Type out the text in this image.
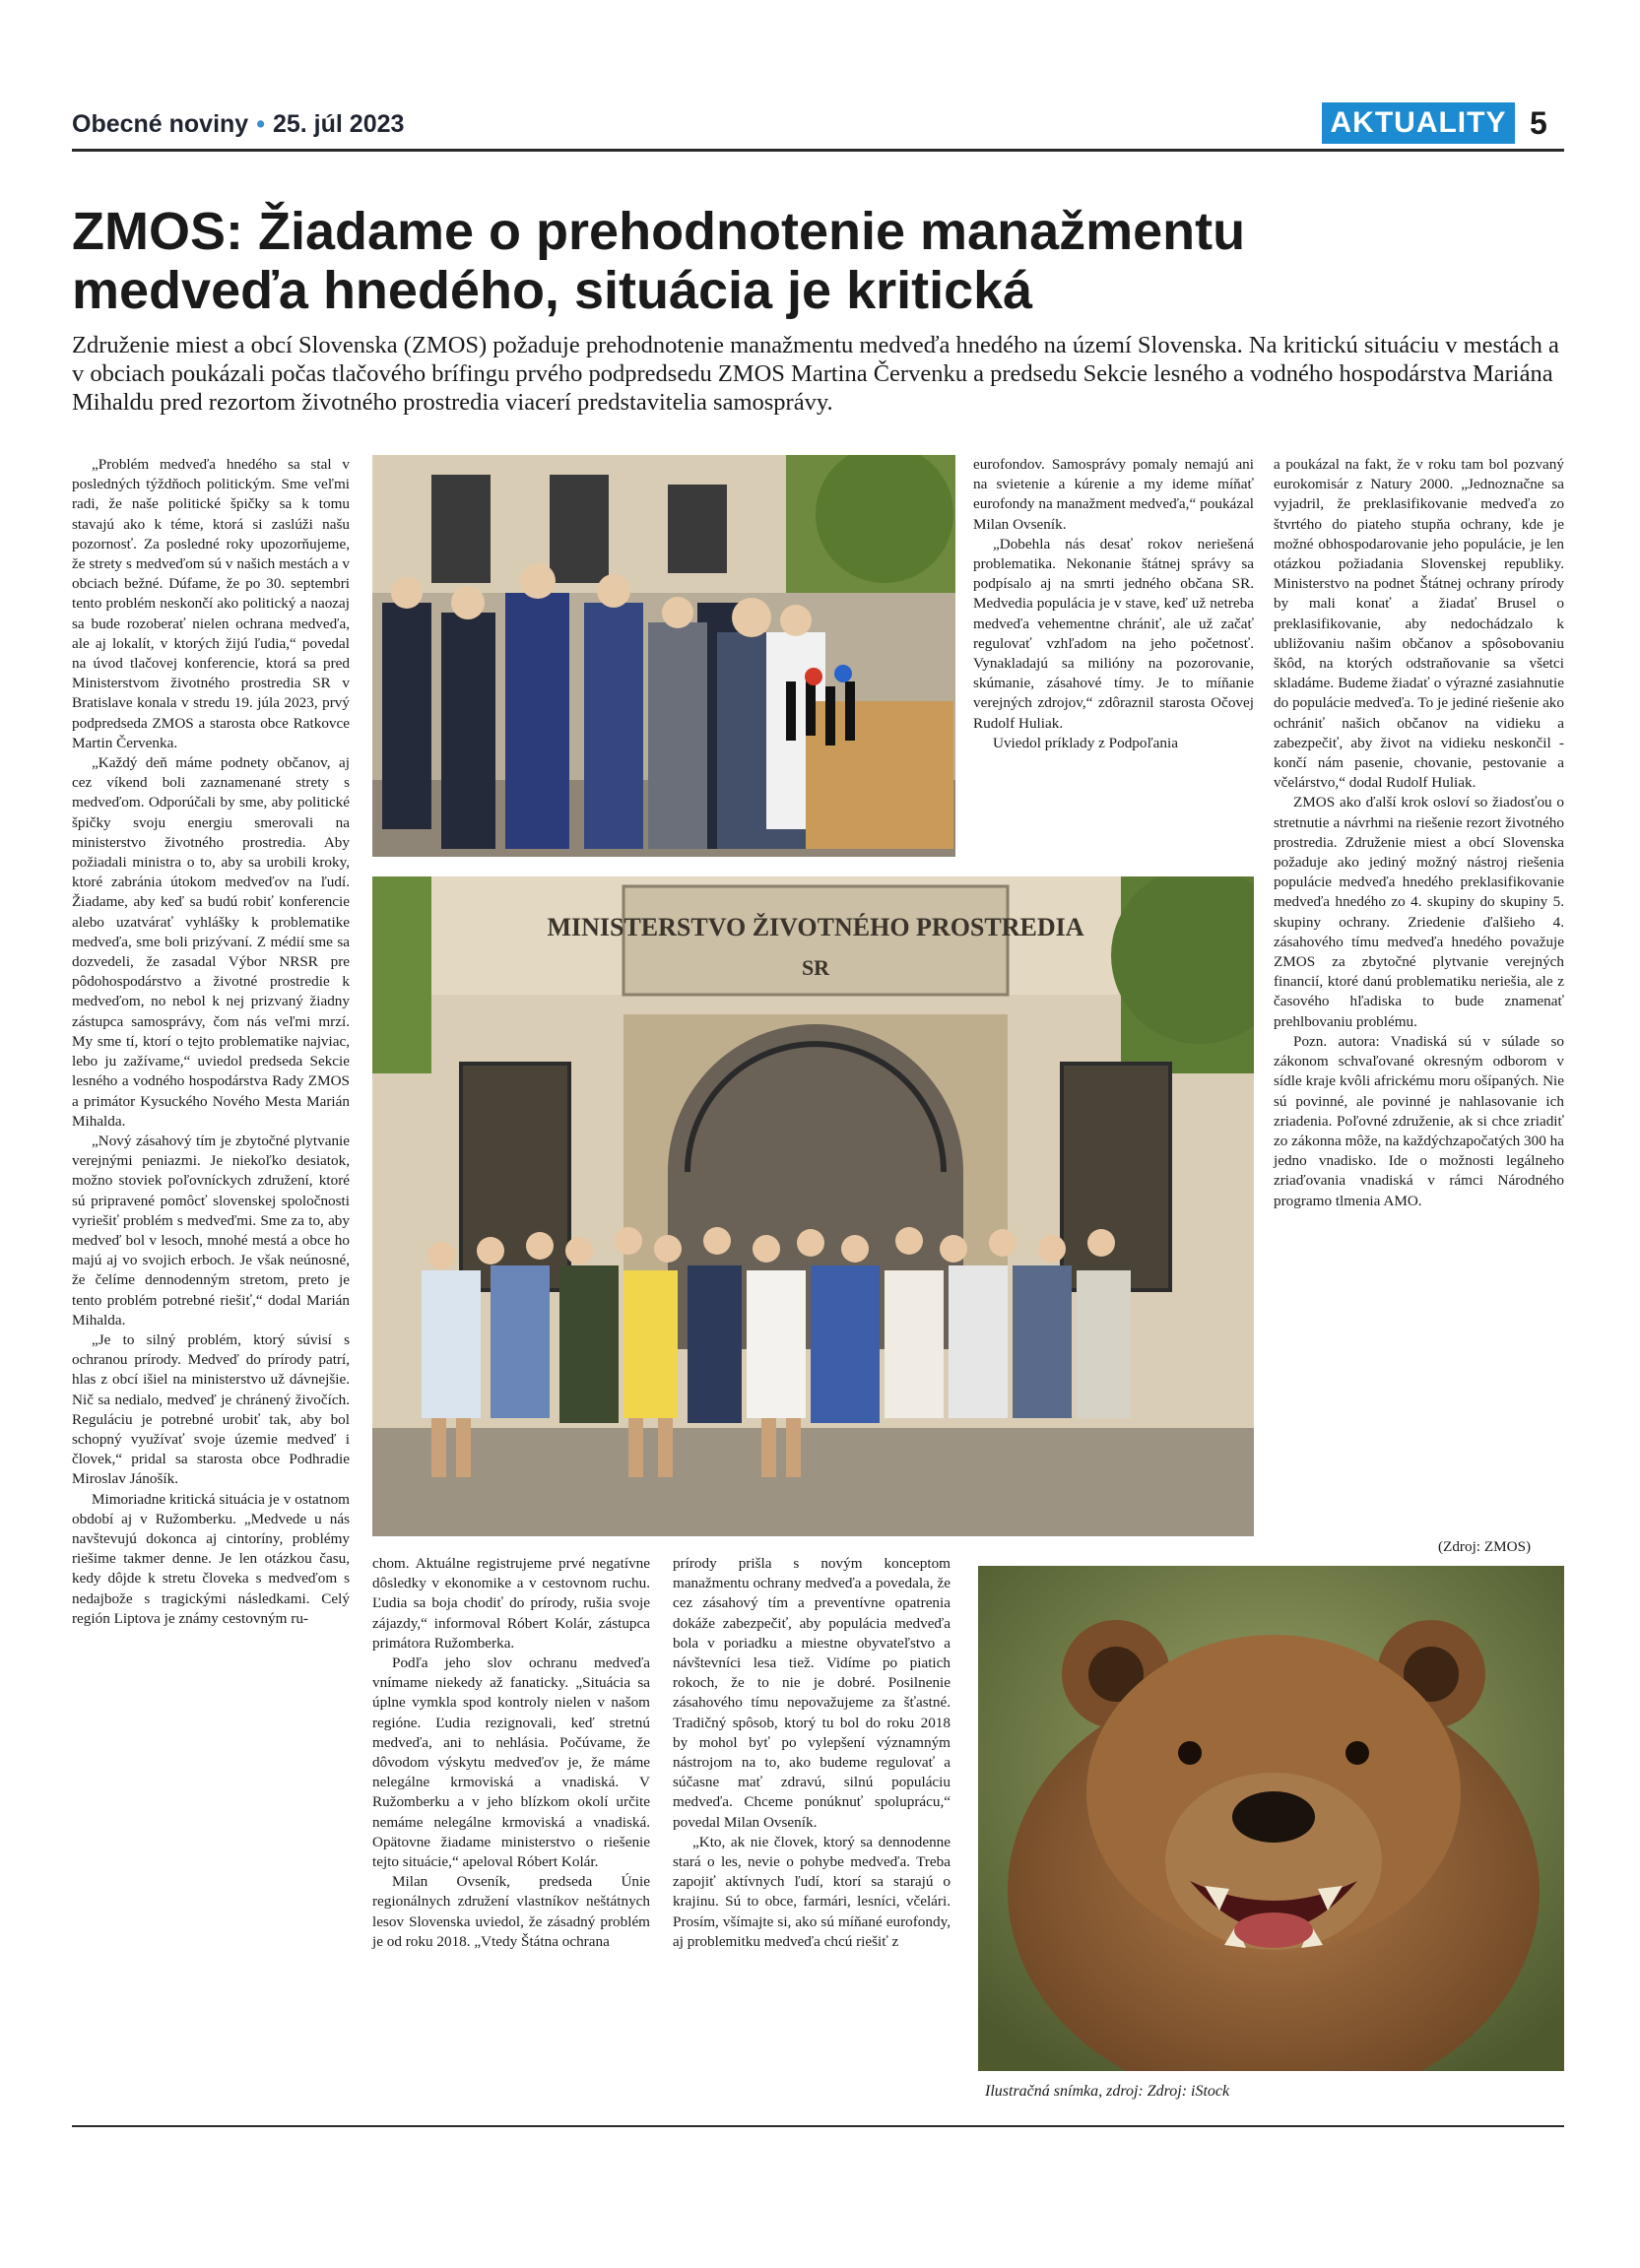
Obecné noviny • 25. júl 2023	AKTUALITY 5
ZMOS: Žiadame o prehodnotenie manažmentu
medveďa hnedého, situácia je kritická
Združenie miest a obcí Slovenska (ZMOS) požaduje prehodnotenie manažmentu medveďa hnedého na území Slovenska. Na kritickú situáciu v mestách a v obciach poukázali počas tlačového brífingu prvého podpredsedu ZMOS Martina Červenku a predsedu Sekcie lesného a vodného hospodárstva Mariána Mihaldu pred rezortom životného prostredia viacerí predstavitelia samosprávy.

„Problém medveďa hnedého sa stal v posledných týždňoch politickým. Sme veľmi radi, že naše politické špičky sa k tomu stavajú ako k téme, ktorá si zaslúži našu pozornosť. Za posledné roky upozorňujeme, že strety s medveďom sú v našich mestách a v obciach bežné. Dúfame, že po 30. septembri tento problém neskončí ako politický a naozaj sa bude rozoberať nielen ochrana medveďa, ale aj lokalít, v ktorých žijú ľudia,“ povedal na úvod tlačovej konferencie, ktorá sa pred Ministerstvom životného prostredia SR v Bratislave konala v stredu 19. júla 2023, prvý podpredseda ZMOS a starosta obce Ratkovce Martin Červenka.

„Každý deň máme podnety občanov, aj cez víkend boli zaznamenané strety s medveďom. Odporúčali by sme, aby politické špičky svoju energiu smerovali na ministerstvo životného prostredia. Aby požiadali ministra o to, aby sa urobili kroky, ktoré zabránia útokom medveďov na ľudí. Žiadame, aby keď sa budú robiť konferencie alebo uzatvárať vyhlášky k problematike medveďa, sme boli prizývaní. Z médií sme sa dozvedeli, že zasadal Výbor NRSR pre pôdohospodárstvo a životné prostredie k medveďom, no nebol k nej prizvaný žiadny zástupca samosprávy, čom nás veľmi mrzí. My sme tí, ktorí o tejto problematike najviac, lebo ju zažívame,“ uviedol predseda Sekcie lesného a vodného hospodárstva Rady ZMOS a primátor Kysuckého Nového Mesta Marián Mihalda.

„Nový zásahový tím je zbytočné plytvanie verejnými peniazmi. Je niekoľko desiatok, možno stoviek poľovníckych združení, ktoré sú pripravené pomôcť slovenskej spoločnosti vyriešiť problém s medveďmi. Sme za to, aby medveď bol v lesoch, mnohé mestá a obce ho majú aj vo svojich erboch. Je však neúnosné, že čelíme dennodenným stretom, preto je tento problém potrebné riešiť,“ dodal Marián Mihalda.

„Je to silný problém, ktorý súvisí s ochranou prírody. Medveď do prírody patrí, hlas z obcí išiel na ministerstvo už dávnejšie. Nič sa nedialo, medveď je chránený živočích. Reguláciu je potrebné urobiť tak, aby bol schopný využívať svoje územie medveď i človek,“ pridal sa starosta obce Podhradie Miroslav Jánošík.

Mimoriadne kritická situácia je v ostatnom období aj v Ružomberku. „Medvede u nás navštevujú dokonca aj cintoríny, problémy riešime takmer denne. Je len otázkou času, kedy dôjde k stretu človeka s medveďom s nedajbože s tragickými následkami. Celý región Liptova je známy cestovným ru-

MINISTERSTVO ŽIVOTNÉHO PROSTREDIA
SR

chom. Aktuálne registrujeme prvé negatívne dôsledky v ekonomike a v cestovnom ruchu. Ľudia sa boja chodiť do prírody, rušia svoje zájazdy,“ informoval Róbert Kolár, zástupca primátora Ružomberka.

Podľa jeho slov ochranu medveďa vnímame niekedy až fanaticky. „Situácia sa úplne vymkla spod kontroly nielen v našom regióne. Ľudia rezignovali, keď stretnú medveďa, ani to nehlásia. Počúvame, že dôvodom výskytu medveďov je, že máme nelegálne krmoviská a vnadiská. V Ružomberku a v jeho blízkom okolí určite nemáme nelegálne krmoviská a vnadiská. Opätovne žiadame ministerstvo o riešenie tejto situácie,“ apeloval Róbert Kolár.

Milan Ovseník, predseda Únie regionálnych združení vlastníkov neštátnych lesov Slovenska uviedol, že zásadný problém je od roku 2018. „Vtedy Štátna ochrana

eurofondov. Samosprávy pomaly nemajú ani na svietenie a kúrenie a my ideme míňať eurofondy na manažment medveďa,“ poukázal Milan Ovseník.

„Dobehla nás desať rokov neriešená problematika. Nekonanie štátnej správy sa podpísalo aj na smrti jedného občana SR. Medvedia populácia je v stave, keď už netreba medveďa vehementne chrániť, ale už začať regulovať vzhľadom na jeho početnosť. Vynakladajú sa milióny na pozorovanie, skúmanie, zásahové tímy. Je to míňanie verejných zdrojov,“ zdôraznil starosta Očovej Rudolf Huliak.

Uviedol príklady z Podpoľania

prírody prišla s novým konceptom manažmentu ochrany medveďa a povedala, že cez zásahový tím a preventívne opatrenia dokáže zabezpečiť, aby populácia medveďa bola v poriadku a miestne obyvateľstvo a návštevníci lesa tiež. Vidíme po piatich rokoch, že to nie je dobré. Posilnenie zásahového tímu nepovažujeme za šťastné. Tradičný spôsob, ktorý tu bol do roku 2018 by mohol byť po vylepšení významným nástrojom na to, ako budeme regulovať a súčasne mať zdravú, silnú populáciu medveďa. Chceme ponúknuť spoluprácu,“ povedal Milan Ovseník.

„Kto, ak nie človek, ktorý sa dennodenne stará o les, nevie o pohybe medveďa. Treba zapojiť aktívnych ľudí, ktorí sa starajú o krajinu. Sú to obce, farmári, lesníci, včelári. Prosím, všímajte si, ako sú míňané eurofondy, aj problemitku medveďa chcú riešiť z

a poukázal na fakt, že v roku tam bol pozvaný eurokomisár z Natury 2000. „Jednoznačne sa vyjadril, že preklasifikovanie medveďa zo štvrtého do piateho stupňa ochrany, kde je možné obhospodarovanie jeho populácie, je len otázkou požiadania Slovenskej republiky. Ministerstvo na podnet Štátnej ochrany prírody by mali konať a žiadať Brusel o preklasifikovanie, aby nedochádzalo k ubližovaniu našim občanov a spôsobovaniu škôd, na ktorých odstraňovanie sa všetci skladáme. Budeme žiadať o výrazné zasiahnutie do populácie medveďa. To je jediné riešenie ako ochrániť našich občanov na vidieku a zabezpečiť, aby život na vidieku neskončil - končí nám pasenie, chovanie, pestovanie a včelárstvo,“ dodal Rudolf Huliak.

ZMOS ako ďalší krok osloví so žiadosťou o stretnutie a návrhmi na riešenie rezort životného prostredia. Združenie miest a obcí Slovenska požaduje ako jediný možný nástroj riešenia populácie medveďa hnedého preklasifikovanie medveďa hnedého zo 4. skupiny do skupiny 5. skupiny ochrany. Zriedenie ďalšieho 4. zásahového tímu medveďa hnedého považuje ZMOS za zbytočné plytvanie verejných financií, ktoré danú problematiku neriešia, ale z časového hľadiska to bude znamenať prehlbovaniu problému.

Pozn. autora: Vnadiská sú v súlade so zákonom schvaľované okresným odborom v sídle kraje kvôli africkému moru ošípaných. Nie sú povinné, ale povinné je nahlasovanie ich zriadenia. Poľovné združenie, ak si chce zriadiť zo zákonna môže, na každýchzapočatých 300 ha jedno vnadisko. Ide o možnosti legálneho zriaďovania vnadiská v rámci Národného programo tlmenia AMO.

(Zdroj: ZMOS)
Ilustračná snímka, zdroj: Zdroj: iStock
